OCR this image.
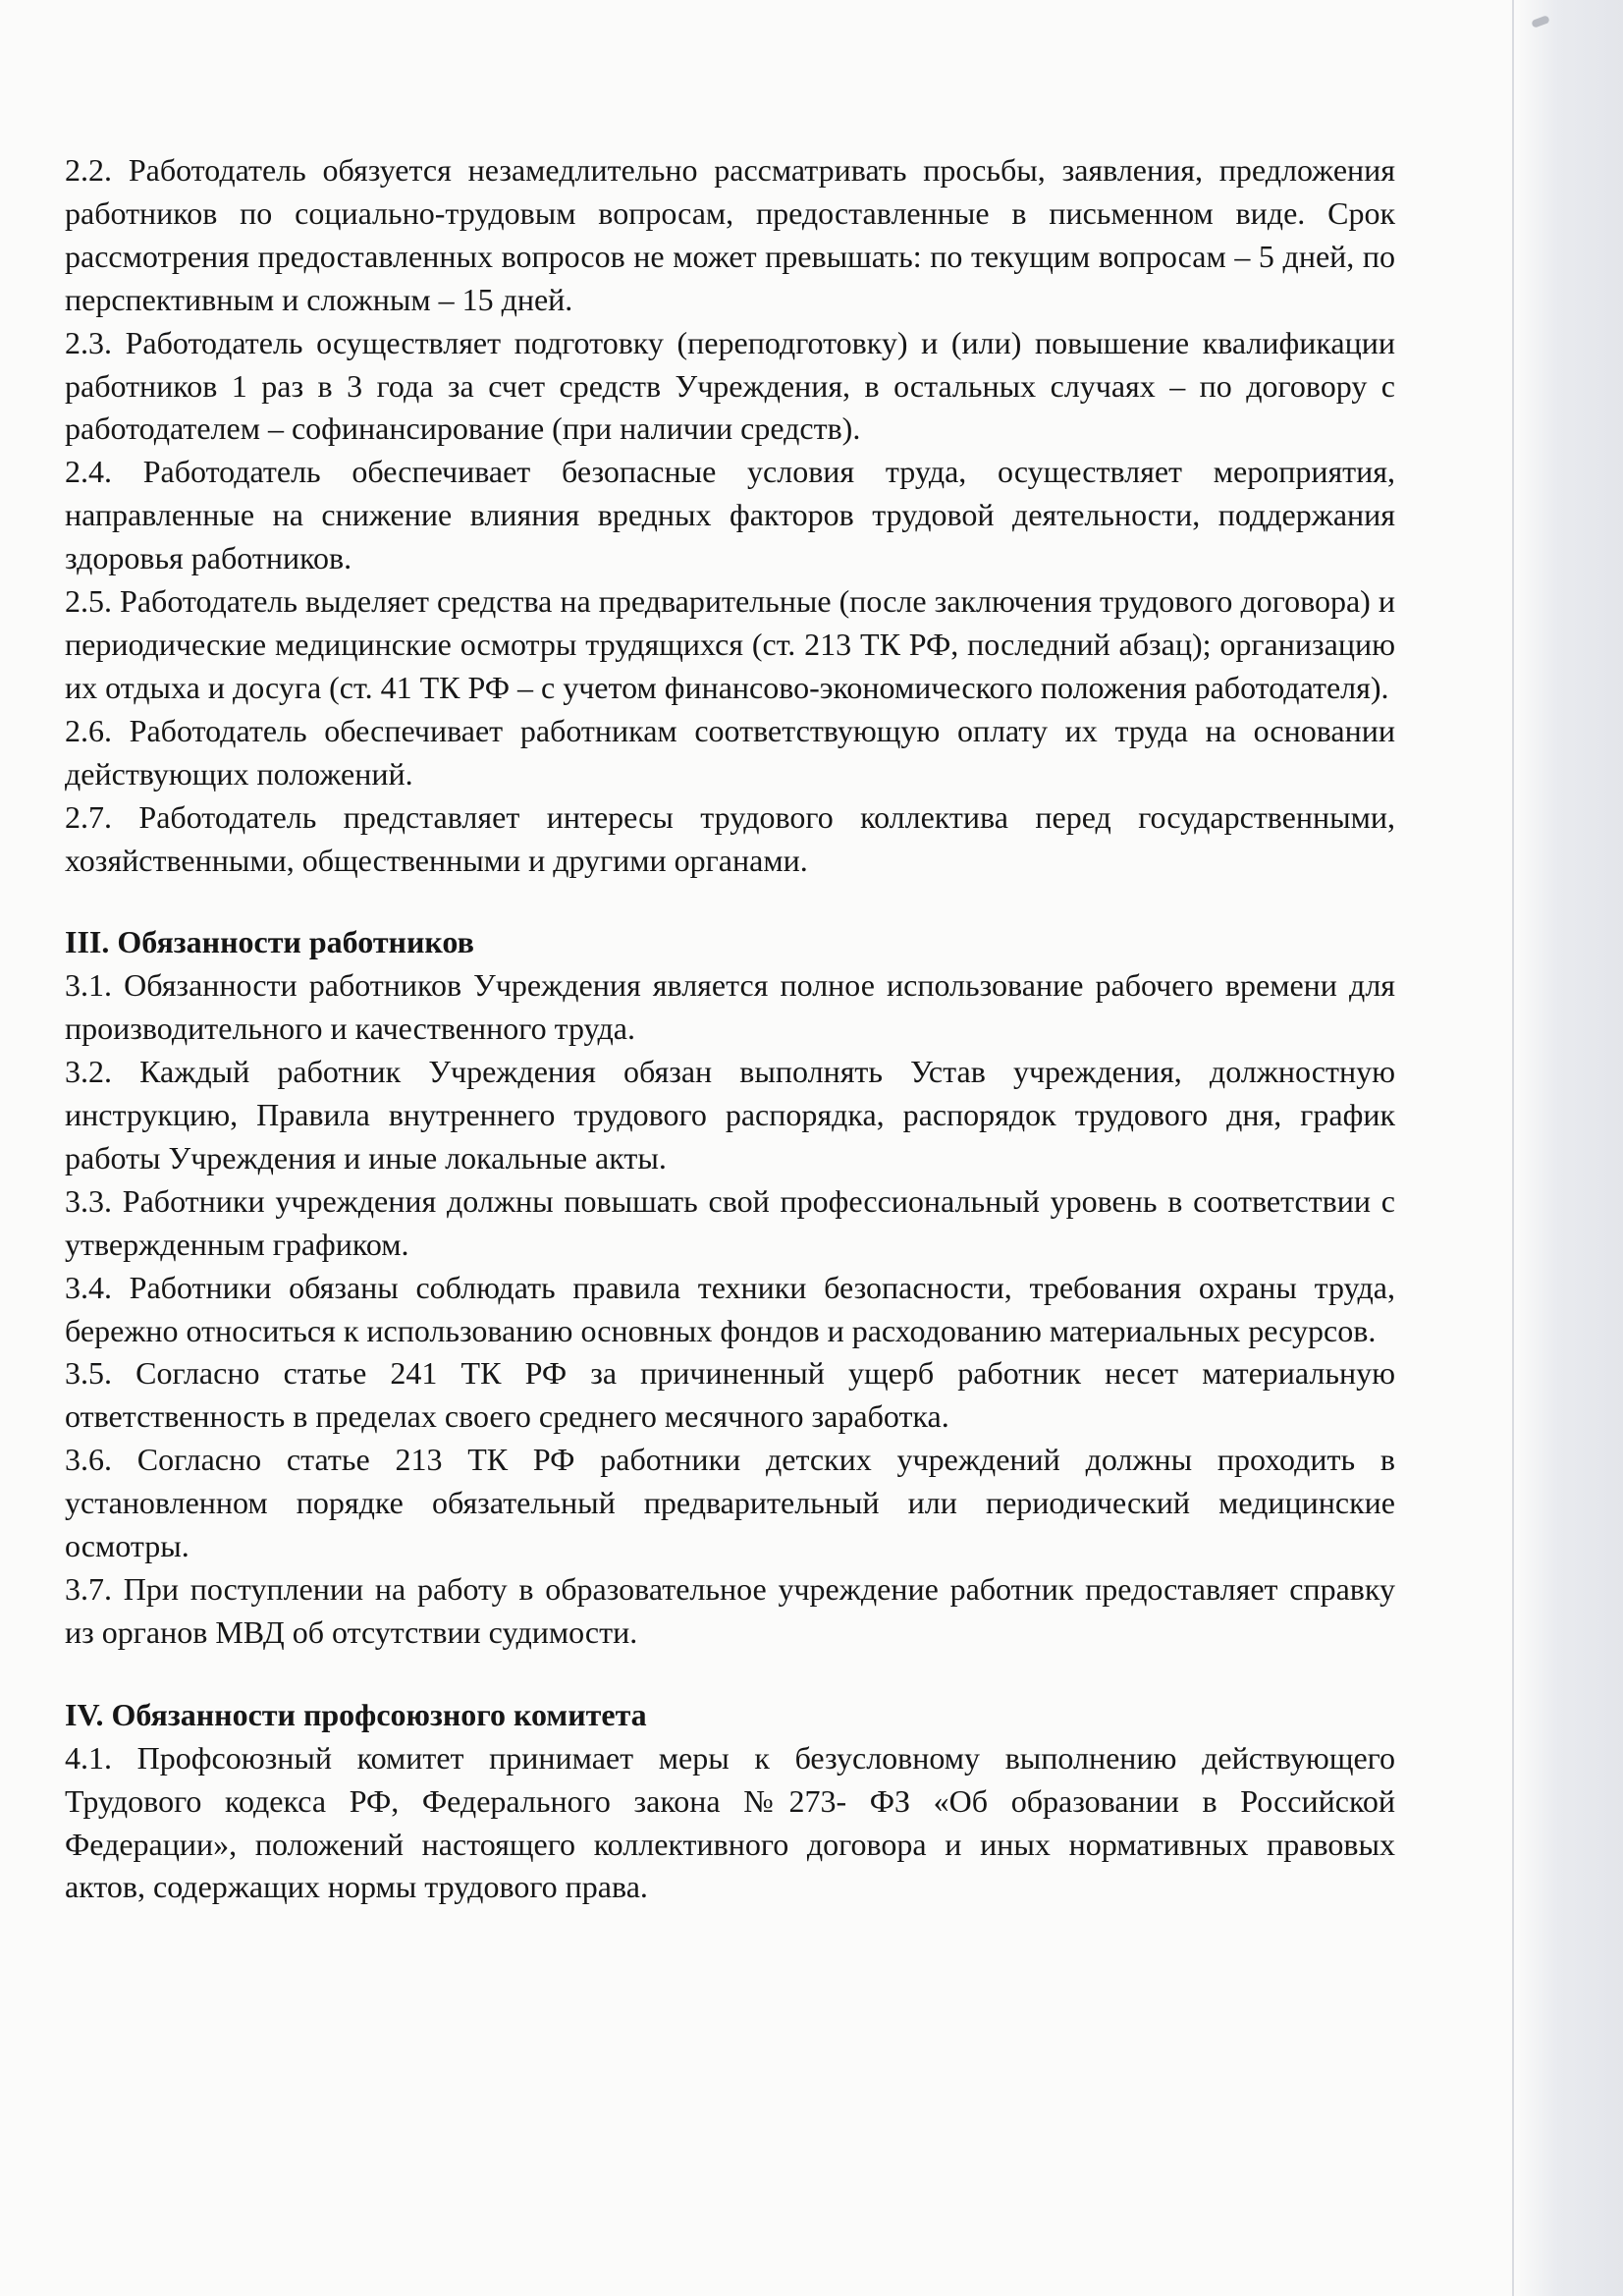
2.2. Работодатель обязуется незамедлительно рассматривать просьбы, заявления, предложения работников по социально-трудовым вопросам, предоставленные в письменном виде. Срок рассмотрения предоставленных вопросов не может превышать: по текущим вопросам – 5 дней, по перспективным и сложным – 15 дней.

2.3. Работодатель осуществляет подготовку (переподготовку) и (или) повышение квалификации работников 1 раз в 3 года за счет средств Учреждения, в остальных случаях – по договору с работодателем – софинансирование (при наличии средств).

2.4. Работодатель обеспечивает безопасные условия труда, осуществляет мероприятия, направленные на снижение влияния вредных факторов трудовой деятельности, поддержания здоровья работников.

2.5. Работодатель выделяет средства на предварительные (после заключения трудового договора) и периодические медицинские осмотры трудящихся (ст. 213 ТК РФ, последний абзац); организацию их отдыха и досуга (ст. 41 ТК РФ – с учетом финансово-экономического положения работодателя).

2.6. Работодатель обеспечивает работникам соответствующую оплату их труда на основании действующих положений.

2.7. Работодатель представляет интересы трудового коллектива перед государственными, хозяйственными, общественными и другими органами.

III. Обязанности работников

3.1. Обязанности работников Учреждения является полное использование рабочего времени для производительного и качественного труда.

3.2. Каждый работник Учреждения обязан выполнять Устав учреждения, должностную инструкцию, Правила внутреннего трудового распорядка, распорядок трудового дня, график работы Учреждения и иные локальные акты.

3.3. Работники учреждения должны повышать свой профессиональный уровень в соответствии с утвержденным графиком.

3.4. Работники обязаны соблюдать правила техники безопасности, требования охраны труда, бережно относиться к использованию основных фондов и расходованию материальных ресурсов.

3.5. Согласно статье 241 ТК РФ за причиненный ущерб работник несет материальную ответственность в пределах своего среднего месячного заработка.

3.6. Согласно статье 213 ТК РФ работники детских учреждений должны проходить в установленном порядке обязательный предварительный или периодический медицинские осмотры.

3.7. При поступлении на работу в образовательное учреждение работник предоставляет справку из органов МВД об отсутствии судимости.

IV. Обязанности профсоюзного комитета

4.1. Профсоюзный комитет принимает меры к безусловному выполнению действующего Трудового кодекса РФ, Федерального закона №273- ФЗ «Об образовании в Российской Федерации», положений настоящего коллективного договора и иных нормативных правовых актов, содержащих нормы трудового права.
